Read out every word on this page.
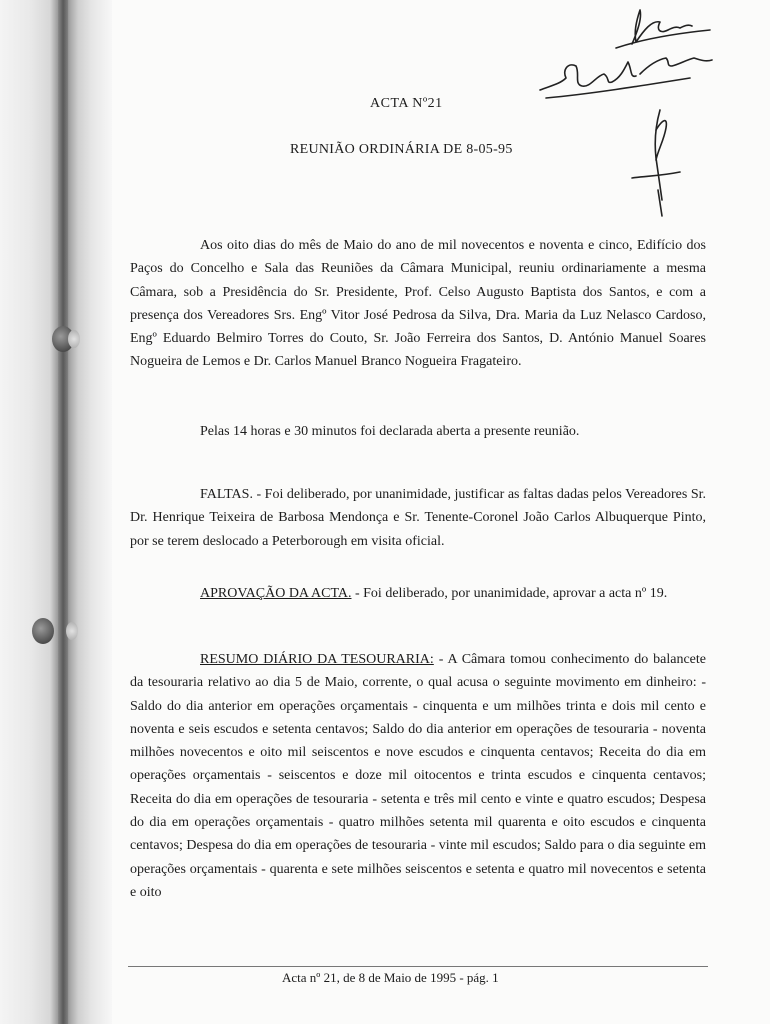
ACTA Nº21
REUNIÃO ORDINÁRIA DE 8-05-95

Aos oito dias do mês de Maio do ano de mil novecentos e noventa e cinco, Edifício dos Paços do Concelho e Sala das Reuniões da Câmara Municipal, reuniu ordinariamente a mesma Câmara, sob a Presidência do Sr. Presidente, Prof. Celso Augusto Baptista dos Santos, e com a presença dos Vereadores Srs. Engº Vitor José Pedrosa da Silva, Dra. Maria da Luz Nelasco Cardoso, Engº Eduardo Belmiro Torres do Couto, Sr. João Ferreira dos Santos, D. António Manuel Soares Nogueira de Lemos e Dr. Carlos Manuel Branco Nogueira Fragateiro.

Pelas 14 horas e 30 minutos foi declarada aberta a presente reunião.

FALTAS. - Foi deliberado, por unanimidade, justificar as faltas dadas pelos Vereadores Sr. Dr. Henrique Teixeira de Barbosa Mendonça e Sr. Tenente-Coronel João Carlos Albuquerque Pinto, por se terem deslocado a Peterborough em visita oficial.

APROVAÇÃO DA ACTA. - Foi deliberado, por unanimidade, aprovar a acta nº 19.

RESUMO DIÁRIO DA TESOURARIA: - A Câmara tomou conhecimento do balancete da tesouraria relativo ao dia 5 de Maio, corrente, o qual acusa o seguinte movimento em dinheiro: - Saldo do dia anterior em operações orçamentais - cinquenta e um milhões trinta e dois mil cento e noventa e seis escudos e setenta centavos; Saldo do dia anterior em operações de tesouraria - noventa milhões novecentos e oito mil seiscentos e nove escudos e cinquenta centavos; Receita do dia em operações orçamentais - seiscentos e doze mil oitocentos e trinta escudos e cinquenta centavos; Receita do dia em operações de tesouraria - setenta e três mil cento e vinte e quatro escudos; Despesa do dia em operações orçamentais - quatro milhões setenta mil quarenta e oito escudos e cinquenta centavos; Despesa do dia em operações de tesouraria - vinte mil escudos; Saldo para o dia seguinte em operações orçamentais - quarenta e sete milhões seiscentos e setenta e quatro mil novecentos e setenta e oito

Acta nº 21, de 8 de Maio de 1995 - pág. 1
